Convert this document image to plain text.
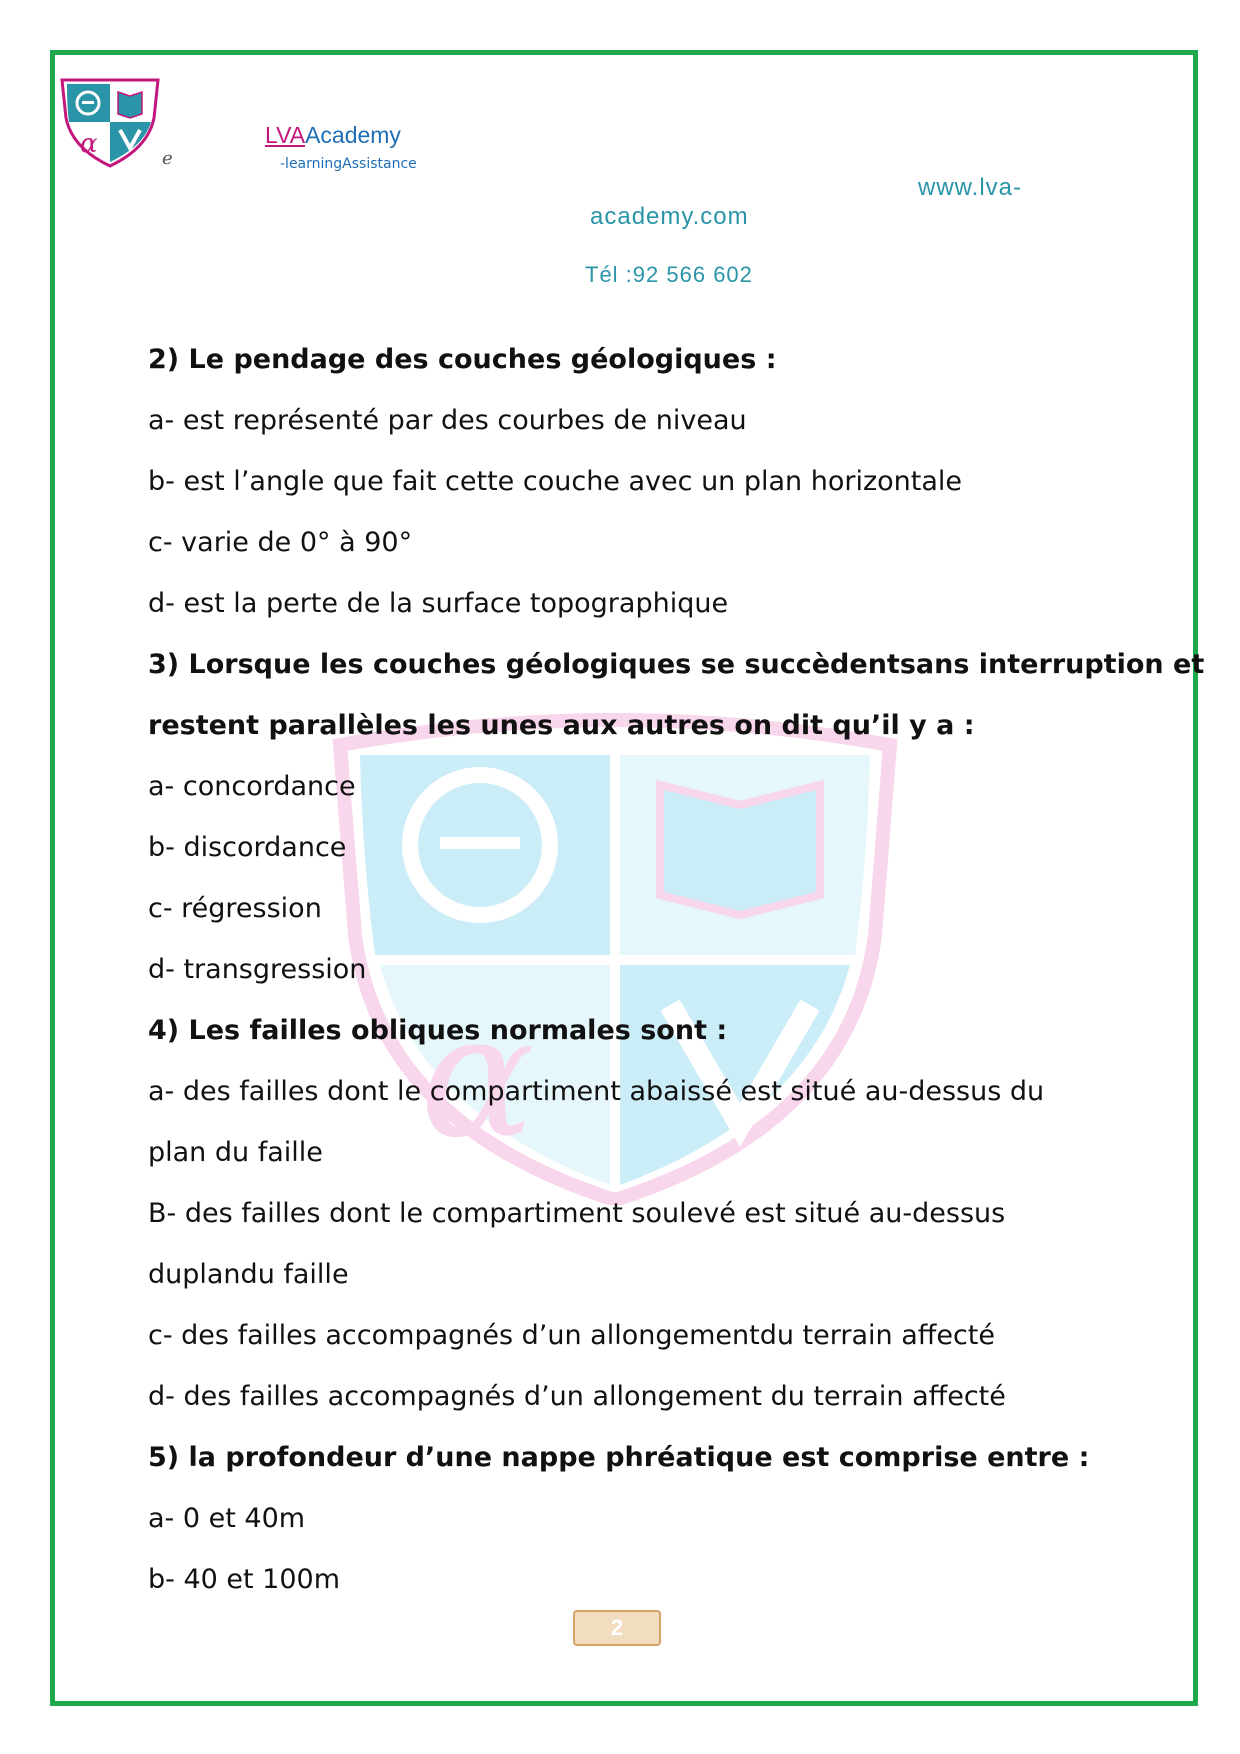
α	e
LVAAcademy
-learningAssistance
www.lva-
academy.com
Tél :92 566 602
α
2) Le pendage des couches géologiques :
a- est représenté par des courbes de niveau
b- est l’angle que fait cette couche avec un plan horizontale
c- varie de 0° à 90°
d- est la perte de la surface topographique
3) Lorsque les couches géologiques se succèdentsans interruption et
restent parallèles les unes aux autres on dit qu’il y a :
a- concordance
b- discordance
c- régression
d- transgression
4) Les failles obliques normales sont :
a- des failles dont le compartiment abaissé est situé au-dessus du
plan du faille
B- des failles dont le compartiment soulevé est situé au-dessus
duplandu faille
c- des failles accompagnés d’un allongementdu terrain affecté
d- des failles accompagnés d’un allongement du terrain affecté
5) la profondeur d’une nappe phréatique est comprise entre :
a- 0 et 40m
b- 40 et 100m
2
